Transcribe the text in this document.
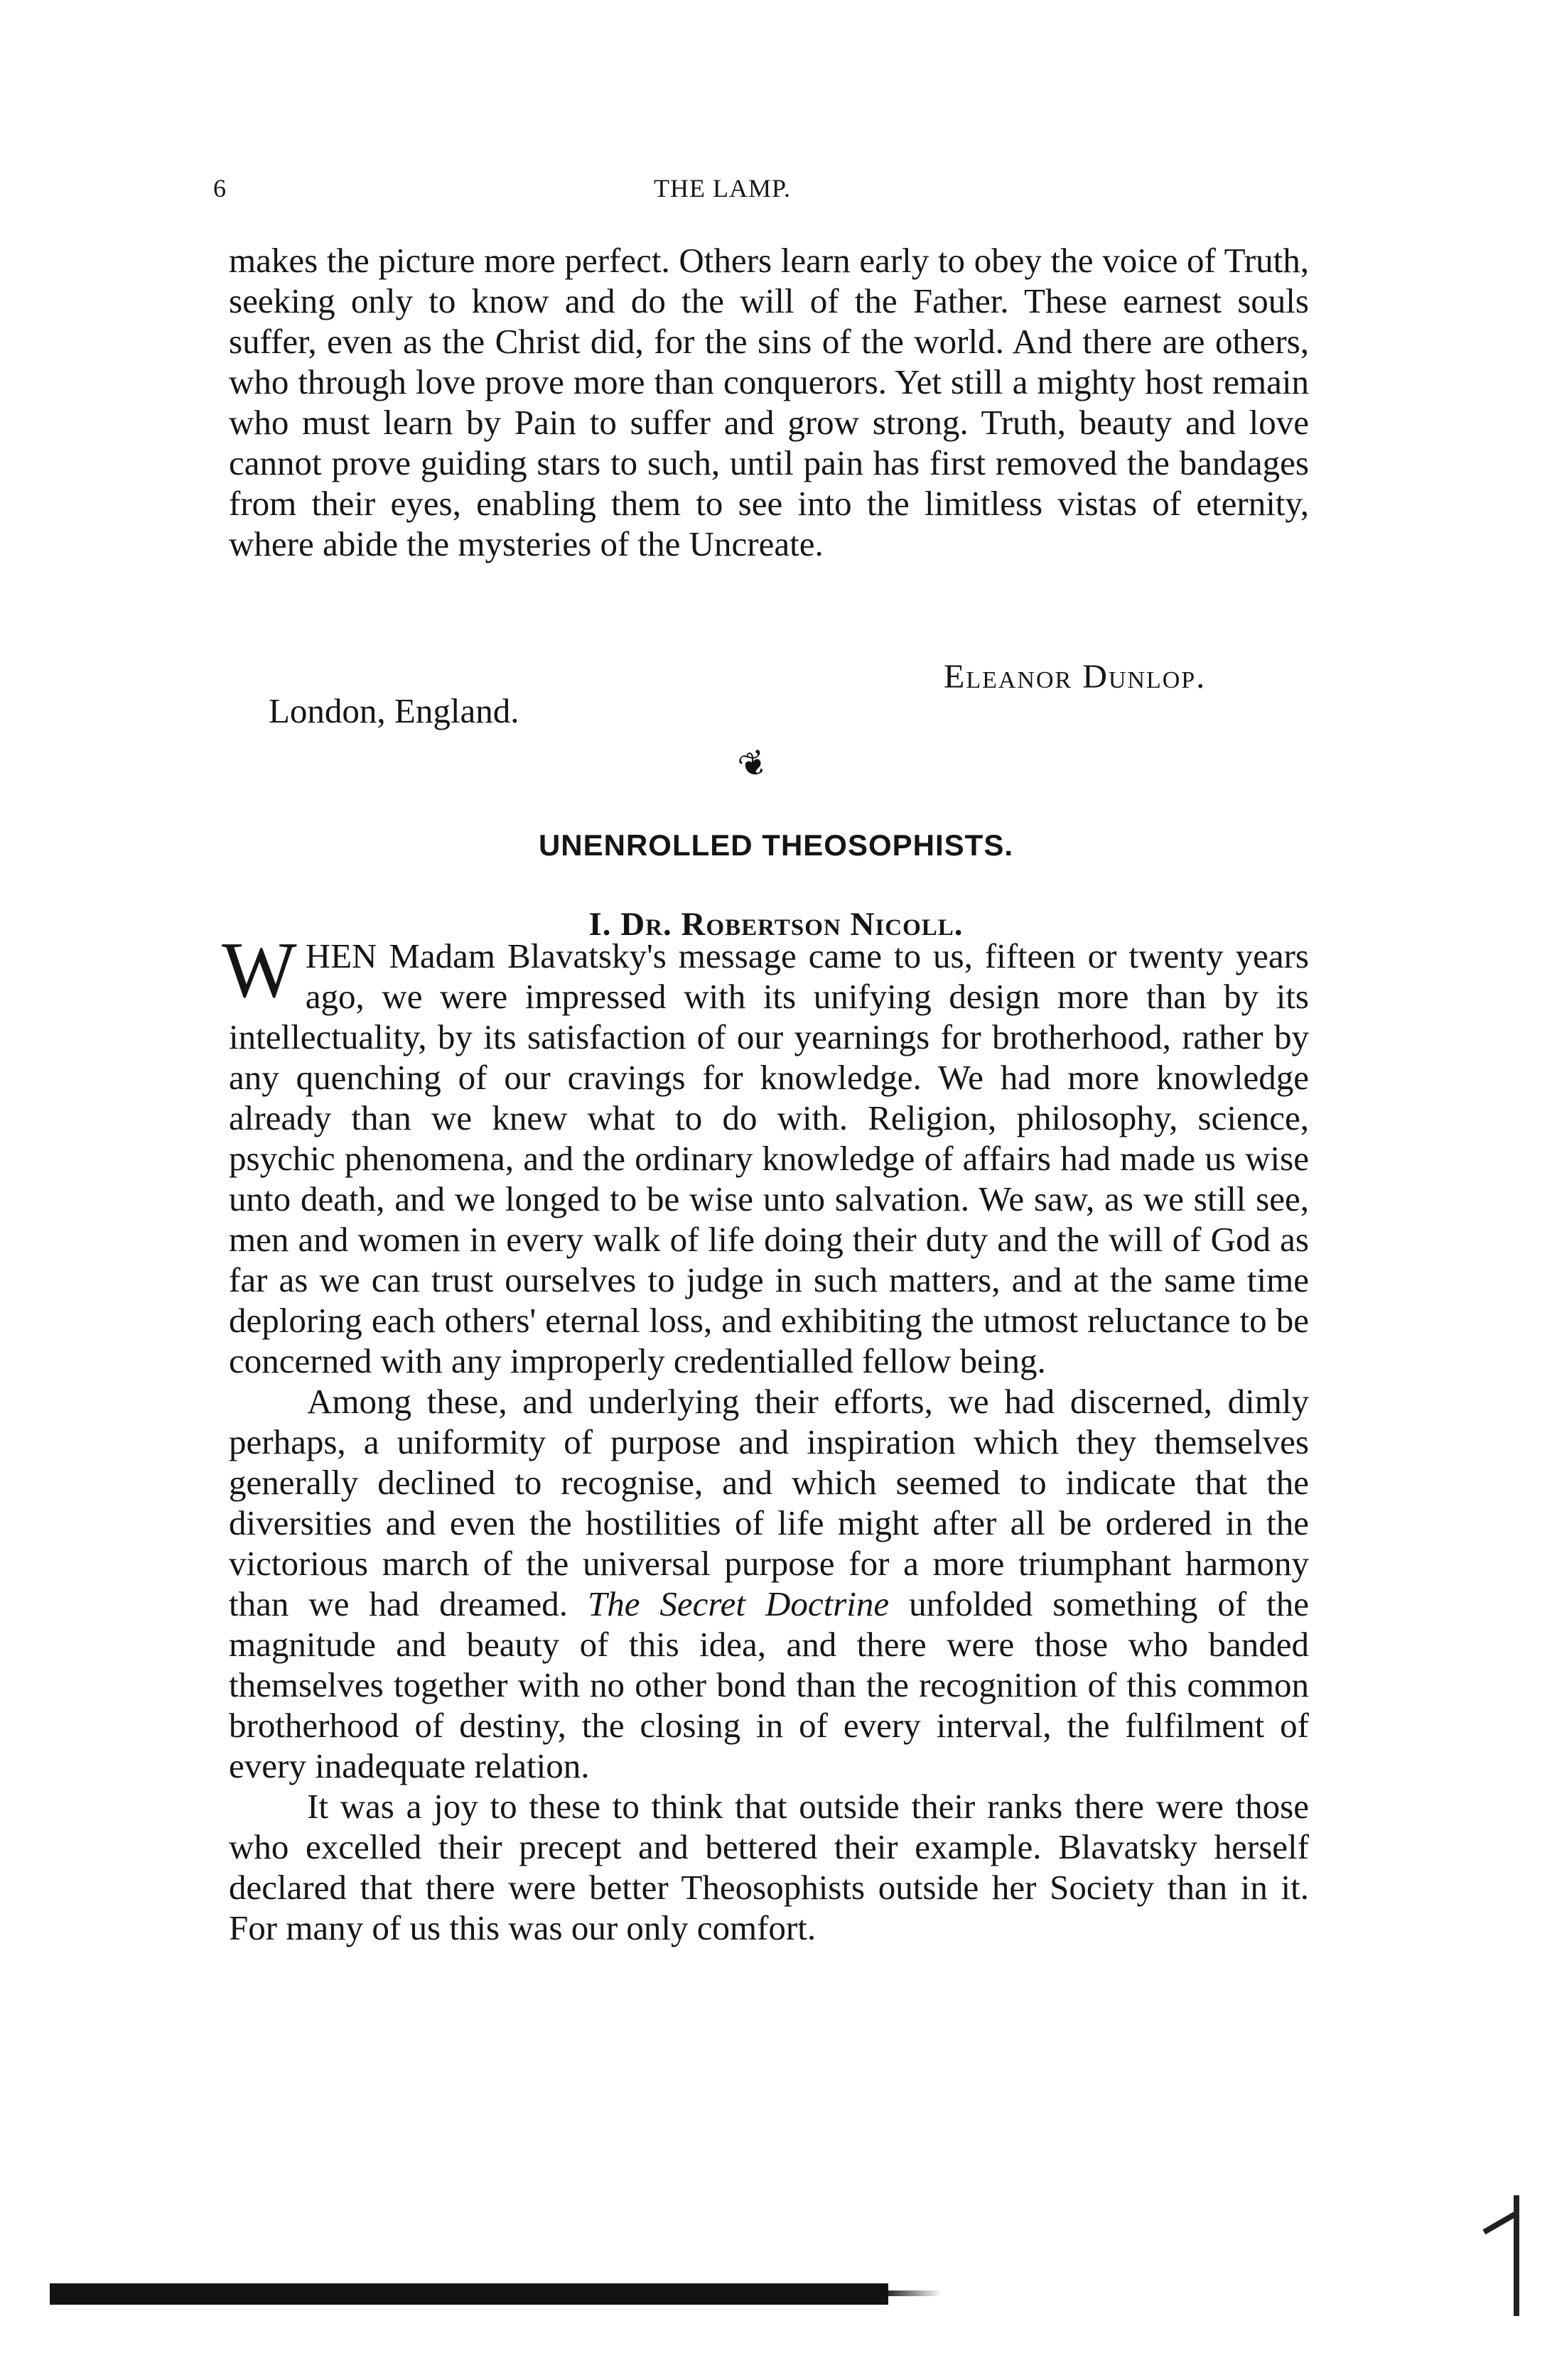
6	THE LAMP.

makes the picture more perfect. Others learn early to obey the voice of Truth, seeking only to know and do the will of the Father. These earnest souls suffer, even as the Christ did, for the sins of the world. And there are others, who through love prove more than conquerors. Yet still a mighty host remain who must learn by Pain to suffer and grow strong. Truth, beauty and love cannot prove guiding stars to such, until pain has first removed the bandages from their eyes, enabling them to see into the limitless vistas of eternity, where abide the mysteries of the Uncreate.

Eleanor Dunlop.
London, England.
❦
UNENROLLED THEOSOPHISTS.
I. Dr. Robertson Nicoll.

WHEN Madam Blavatsky's message came to us, fifteen or twenty years ago, we were impressed with its unifying design more than by its intellectuality, by its satisfaction of our yearnings for brotherhood, rather by any quenching of our cravings for knowledge. We had more knowledge already than we knew what to do with. Religion, philosophy, science, psychic phenomena, and the ordinary knowledge of affairs had made us wise unto death, and we longed to be wise unto salvation. We saw, as we still see, men and women in every walk of life doing their duty and the will of God as far as we can trust ourselves to judge in such matters, and at the same time deploring each others' eternal loss, and exhibiting the utmost reluctance to be concerned with any improperly credentialled fellow being.

Among these, and underlying their efforts, we had discerned, dimly perhaps, a uniformity of purpose and inspiration which they themselves generally declined to recognise, and which seemed to indicate that the diversities and even the hostilities of life might after all be ordered in the victorious march of the universal purpose for a more triumphant harmony than we had dreamed. The Secret Doctrine unfolded something of the magnitude and beauty of this idea, and there were those who banded themselves together with no other bond than the recognition of this common brotherhood of destiny, the closing in of every interval, the fulfilment of every inadequate relation.

It was a joy to these to think that outside their ranks there were those who excelled their precept and bettered their example. Blavatsky herself declared that there were better Theosophists outside her Society than in it. For many of us this was our only comfort.
